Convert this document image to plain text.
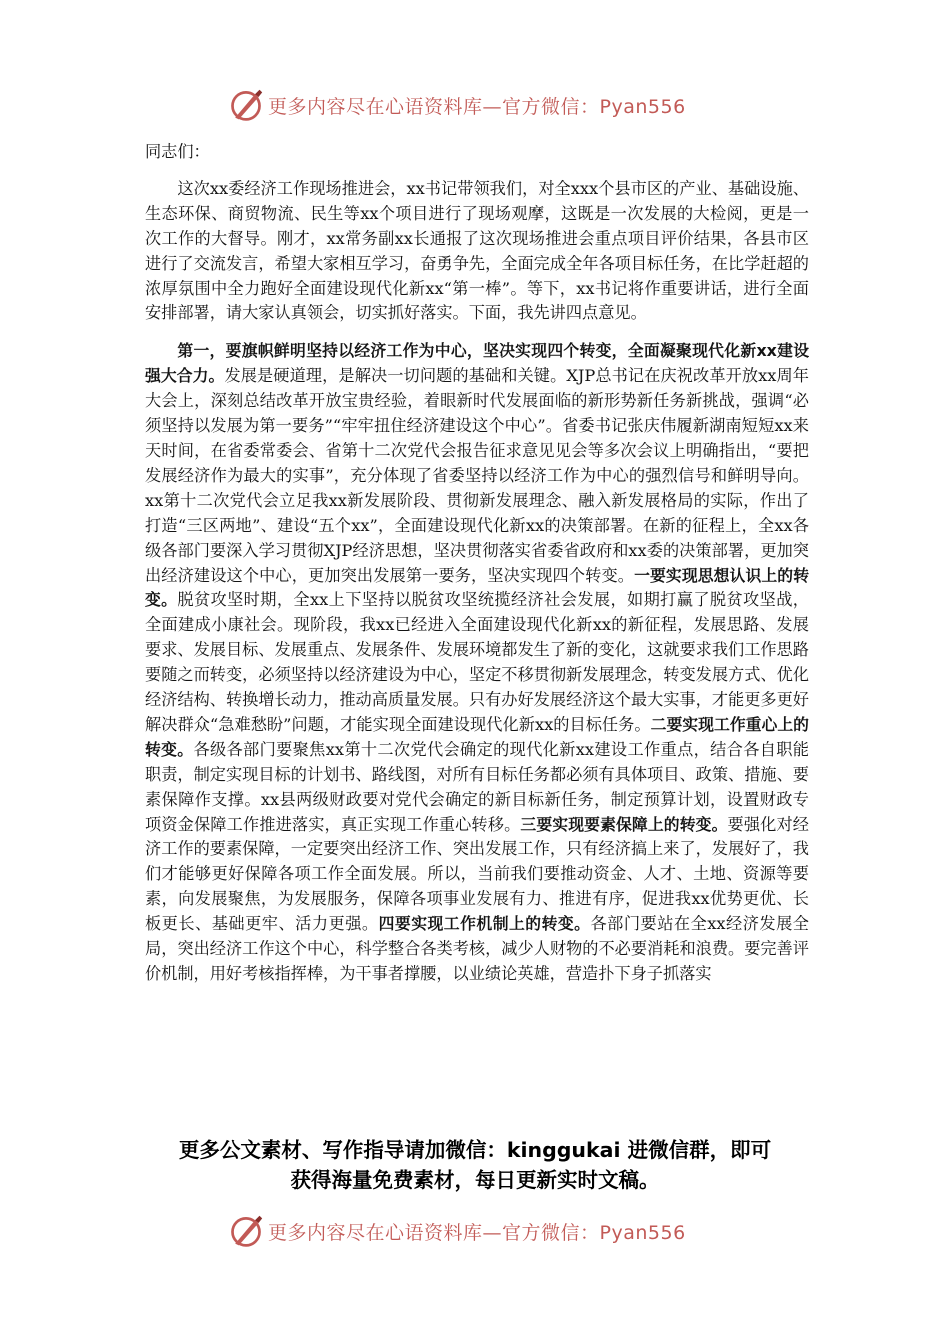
更多内容尽在心语资料库—官方微信：Pyan556

同志们：

这次xx委经济工作现场推进会，xx书记带领我们，对全xxx个县市区的产业、基础设施、生态环保、商贸物流、民生等xx个项目进行了现场观摩，这既是一次发展的大检阅，更是一次工作的大督导。刚才，xx常务副xx长通报了这次现场推进会重点项目评价结果，各县市区进行了交流发言，希望大家相互学习，奋勇争先，全面完成全年各项目标任务，在比学赶超的浓厚氛围中全力跑好全面建设现代化新xx“第一棒”。等下，xx书记将作重要讲话，进行全面安排部署，请大家认真领会，切实抓好落实。下面，我先讲四点意见。

第一，要旗帜鲜明坚持以经济工作为中心，坚决实现四个转变，全面凝聚现代化新xx建设强大合力。发展是硬道理，是解决一切问题的基础和关键。XJP总书记在庆祝改革开放xx周年大会上，深刻总结改革开放宝贵经验，着眼新时代发展面临的新形势新任务新挑战，强调“必须坚持以发展为第一要务”“牢牢扭住经济建设这个中心”。省委书记张庆伟履新湖南短短xx来天时间，在省委常委会、省第十二次党代会报告征求意见见会等多次会议上明确指出，“要把发展经济作为最大的实事”，充分体现了省委坚持以经济工作为中心的强烈信号和鲜明导向。xx第十二次党代会立足我xx新发展阶段、贯彻新发展理念、融入新发展格局的实际，作出了打造“三区两地”、建设“五个xx”，全面建设现代化新xx的决策部署。在新的征程上，全xx各级各部门要深入学习贯彻XJP经济思想，坚决贯彻落实省委省政府和xx委的决策部署，更加突出经济建设这个中心，更加突出发展第一要务，坚决实现四个转变。一要实现思想认识上的转变。脱贫攻坚时期，全xx上下坚持以脱贫攻坚统揽经济社会发展，如期打赢了脱贫攻坚战，全面建成小康社会。现阶段，我xx已经进入全面建设现代化新xx的新征程，发展思路、发展要求、发展目标、发展重点、发展条件、发展环境都发生了新的变化，这就要求我们工作思路要随之而转变，必须坚持以经济建设为中心，坚定不移贯彻新发展理念，转变发展方式、优化经济结构、转换增长动力，推动高质量发展。只有办好发展经济这个最大实事，才能更多更好解决群众“急难愁盼”问题，才能实现全面建设现代化新xx的目标任务。二要实现工作重心上的转变。各级各部门要聚焦xx第十二次党代会确定的现代化新xx建设工作重点，结合各自职能职责，制定实现目标的计划书、路线图，对所有目标任务都必须有具体项目、政策、措施、要素保障作支撑。xx县两级财政要对党代会确定的新目标新任务，制定预算计划，设置财政专项资金保障工作推进落实，真正实现工作重心转移。三要实现要素保障上的转变。要强化对经济工作的要素保障，一定要突出经济工作、突出发展工作，只有经济搞上来了，发展好了，我们才能够更好保障各项工作全面发展。所以，当前我们要推动资金、人才、土地、资源等要素，向发展聚焦，为发展服务，保障各项事业发展有力、推进有序，促进我xx优势更优、长板更长、基础更牢、活力更强。四要实现工作机制上的转变。各部门要站在全xx经济发展全局，突出经济工作这个中心，科学整合各类考核，减少人财物的不必要消耗和浪费。要完善评价机制，用好考核指挥棒，为干事者撑腰，以业绩论英雄，营造扑下身子抓落实

更多公文素材、写作指导请加微信：kinggukai 进微信群，即可
获得海量免费素材，每日更新实时文稿。
更多内容尽在心语资料库—官方微信：Pyan556
